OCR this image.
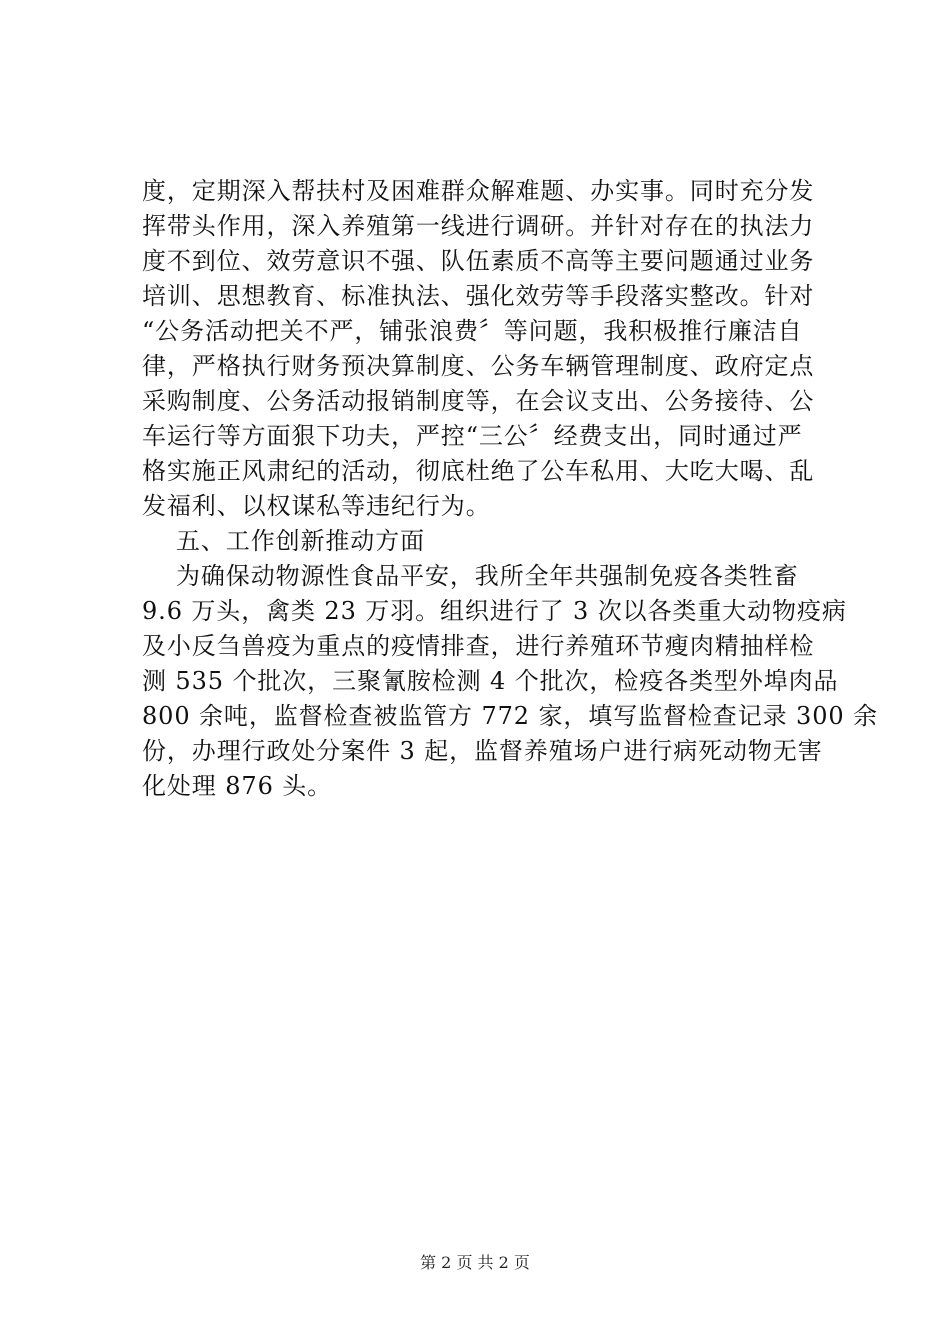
度，定期深入帮扶村及困难群众解难题、办实事。同时充分发
挥带头作用，深入养殖第一线进行调研。并针对存在的执法力
度不到位、效劳意识不强、队伍素质不高等主要问题通过业务
培训、思想教育、标准执法、强化效劳等手段落实整改。针对
“公务活动把关不严，铺张浪费〞等问题，我积极推行廉洁自
律，严格执行财务预决算制度、公务车辆管理制度、政府定点
采购制度、公务活动报销制度等，在会议支出、公务接待、公
车运行等方面狠下功夫，严控“三公〞经费支出，同时通过严
格实施正风肃纪的活动，彻底杜绝了公车私用、大吃大喝、乱
发福利、以权谋私等违纪行为。
五、工作创新推动方面
为确保动物源性食品平安，我所全年共强制免疫各类牲畜
9.6 万头，禽类 23 万羽。组织进行了 3 次以各类重大动物疫病
及小反刍兽疫为重点的疫情排查，进行养殖环节瘦肉精抽样检
测 535 个批次，三聚氰胺检测 4 个批次，检疫各类型外埠肉品
800 余吨，监督检查被监管方 772 家，填写监督检查记录 300 余
份，办理行政处分案件 3 起，监督养殖场户进行病死动物无害
化处理 876 头。
第 2 页 共 2 页
